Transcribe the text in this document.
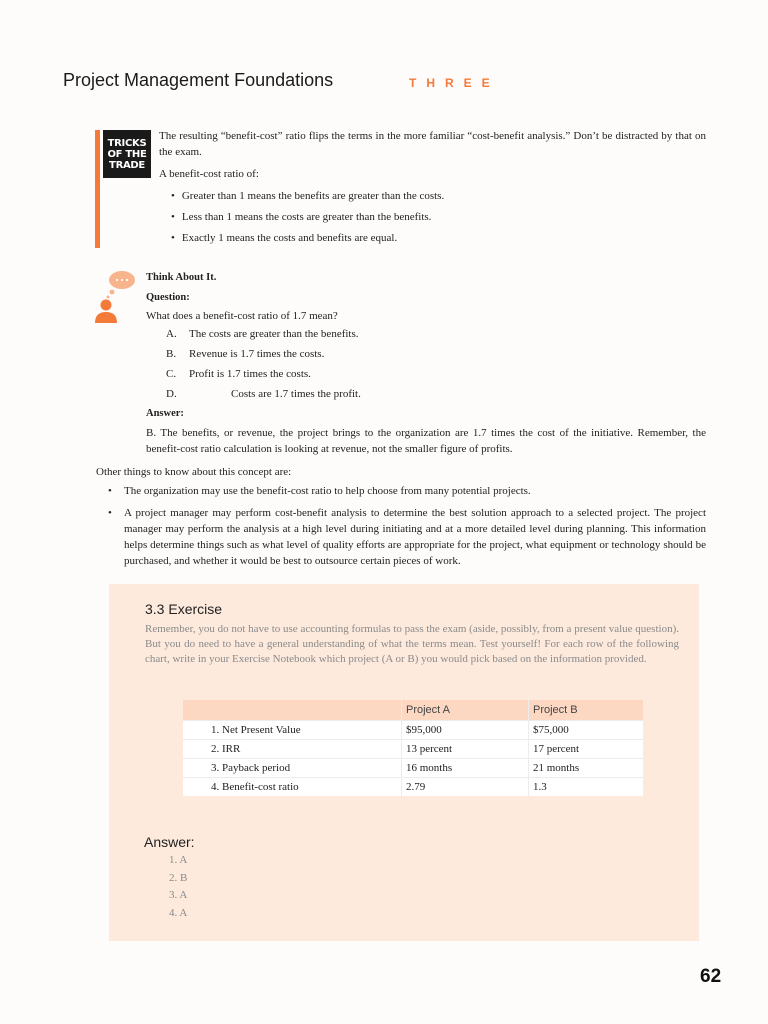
Project Management Foundations	THREE
TRICKS
OF THE
TRADE

The resulting “benefit-cost” ratio flips the terms in the more familiar “cost-benefit analysis.” Don’t be distracted by that on the exam.

A benefit-cost ratio of:

• Greater than 1 means the benefits are greater than the costs.
• Less than 1 means the costs are greater than the benefits.
• Exactly 1 means the costs and benefits are equal.
Think About It.
Question:
What does a benefit-cost ratio of 1.7 mean?
A.	The costs are greater than the benefits.
B.	Revenue is 1.7 times the costs.
C.	Profit is 1.7 times the costs.
D.	Costs are 1.7 times the profit.
Answer:
B. The benefits, or revenue, the project brings to the organization are 1.7 times the cost of the initiative. Remember, the benefit-cost ratio calculation is looking at revenue, not the smaller figure of profits.

Other things to know about this concept are:

• The organization may use the benefit-cost ratio to help choose from many potential projects.
• A project manager may perform cost-benefit analysis to determine the best solution approach to a selected project. The project manager may perform the analysis at a high level during initiating and at a more detailed level during planning. This information helps determine things such as what level of quality efforts are appropriate for the project, what equipment or technology should be purchased, and whether it would be best to outsource certain pieces of work.
3.3 Exercise
Remember, you do not have to use accounting formulas to pass the exam (aside, possibly, from a present value question). But you do need to have a general understanding of what the terms mean. Test yourself! For each row of the following chart, write in your Exercise Notebook which project (A or B) you would pick based on the information provided.
	Project A	Project B
1. Net Present Value	$95,000	$75,000
2. IRR	13 percent	17 percent
3. Payback period	16 months	21 months
4. Benefit-cost ratio	2.79	1.3
Answer:
1. A
2. B
3. A
4. A
62
